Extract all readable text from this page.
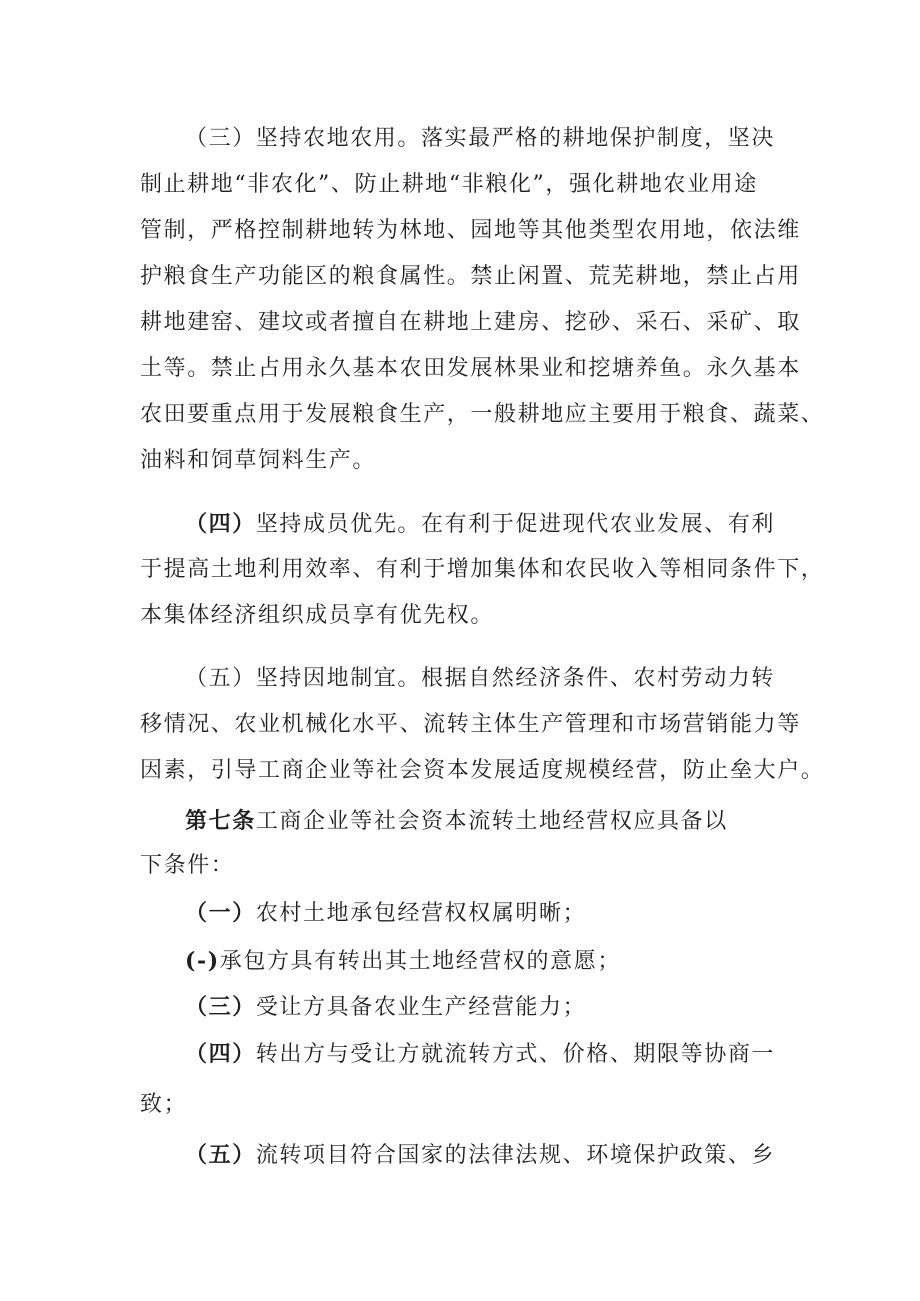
（三）坚持农地农用。落实最严格的耕地保护制度，坚决
制止耕地“非农化”、防止耕地“非粮化”，强化耕地农业用途
管制，严格控制耕地转为林地、园地等其他类型农用地，依法维
护粮食生产功能区的粮食属性。禁止闲置、荒芜耕地，禁止占用
耕地建窑、建坟或者擅自在耕地上建房、挖砂、采石、采矿、取
土等。禁止占用永久基本农田发展林果业和挖塘养鱼。永久基本
农田要重点用于发展粮食生产，一般耕地应主要用于粮食、蔬菜、
油料和饲草饲料生产。
（四）坚持成员优先。在有利于促进现代农业发展、有利
于提高土地利用效率、有利于增加集体和农民收入等相同条件下，
本集体经济组织成员享有优先权。
（五）坚持因地制宜。根据自然经济条件、农村劳动力转
移情况、农业机械化水平、流转主体生产管理和市场营销能力等
因素，引导工商企业等社会资本发展适度规模经营，防止垒大户。
第七条工商企业等社会资本流转土地经营权应具备以
下条件：
（一）农村土地承包经营权权属明晰；
(-)承包方具有转出其土地经营权的意愿；
（三）受让方具备农业生产经营能力；
（四）转出方与受让方就流转方式、价格、期限等协商一
致；
（五）流转项目符合国家的法律法规、环境保护政策、乡
